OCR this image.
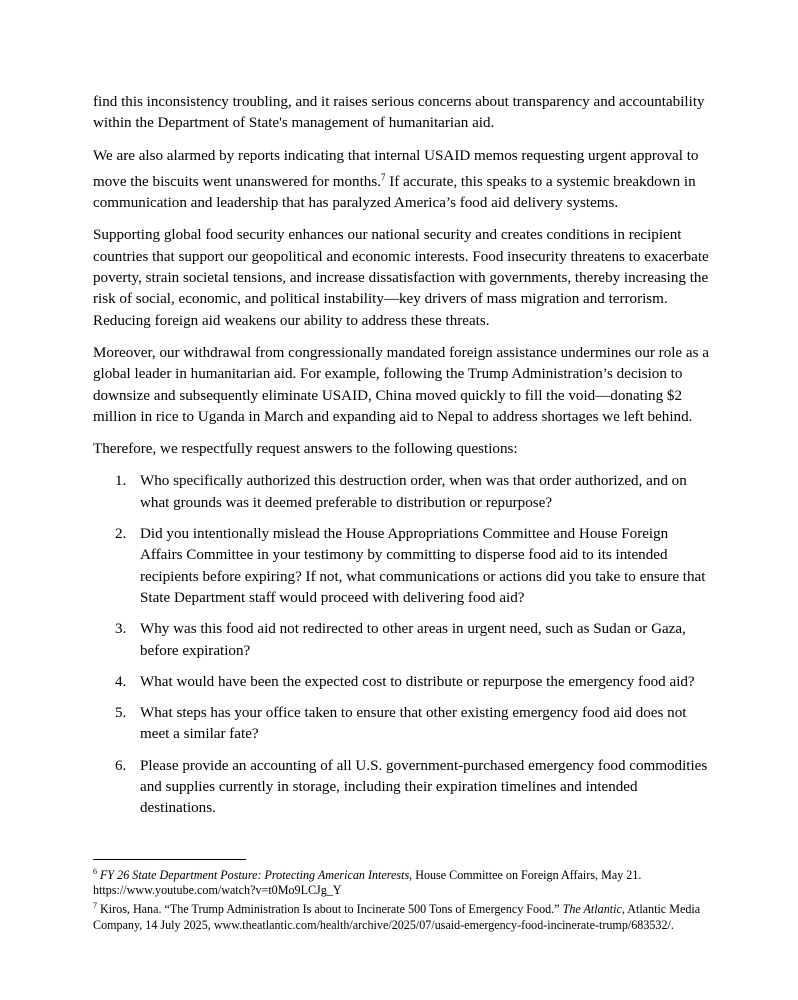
find this inconsistency troubling, and it raises serious concerns about transparency and accountability within the Department of State's management of humanitarian aid.

We are also alarmed by reports indicating that internal USAID memos requesting urgent approval to move the biscuits went unanswered for months.$^7$ If accurate, this speaks to a systemic breakdown in communication and leadership that has paralyzed America’s food aid delivery systems.

Supporting global food security enhances our national security and creates conditions in recipient countries that support our geopolitical and economic interests. Food insecurity threatens to exacerbate poverty, strain societal tensions, and increase dissatisfaction with governments, thereby increasing the risk of social, economic, and political instability—key drivers of mass migration and terrorism. Reducing foreign aid weakens our ability to address these threats.

Moreover, our withdrawal from congressionally mandated foreign assistance undermines our role as a global leader in humanitarian aid. For example, following the Trump Administration’s decision to downsize and subsequently eliminate USAID, China moved quickly to fill the void—donating $2 million in rice to Uganda in March and expanding aid to Nepal to address shortages we left behind.

Therefore, we respectfully request answers to the following questions:

1. Who specifically authorized this destruction order, when was that order authorized, and on what grounds was it deemed preferable to distribution or repurpose?
2. Did you intentionally mislead the House Appropriations Committee and House Foreign Affairs Committee in your testimony by committing to disperse food aid to its intended recipients before expiring? If not, what communications or actions did you take to ensure that State Department staff would proceed with delivering food aid?
3. Why was this food aid not redirected to other areas in urgent need, such as Sudan or Gaza, before expiration?
4. What would have been the expected cost to distribute or repurpose the emergency food aid?
5. What steps has your office taken to ensure that other existing emergency food aid does not meet a similar fate?
6. Please provide an accounting of all U.S. government-purchased emergency food commodities and supplies currently in storage, including their expiration timelines and intended destinations.

$^6$ FY 26 State Department Posture: Protecting American Interests, House Committee on Foreign Affairs, May 21. https://www.youtube.com/watch?v=t0Mo9LCJg_Y

$^7$ Kiros, Hana. “The Trump Administration Is about to Incinerate 500 Tons of Emergency Food.” The Atlantic, Atlantic Media Company, 14 July 2025, www.theatlantic.com/health/archive/2025/07/usaid-emergency-food-incinerate-trump/683532/.
